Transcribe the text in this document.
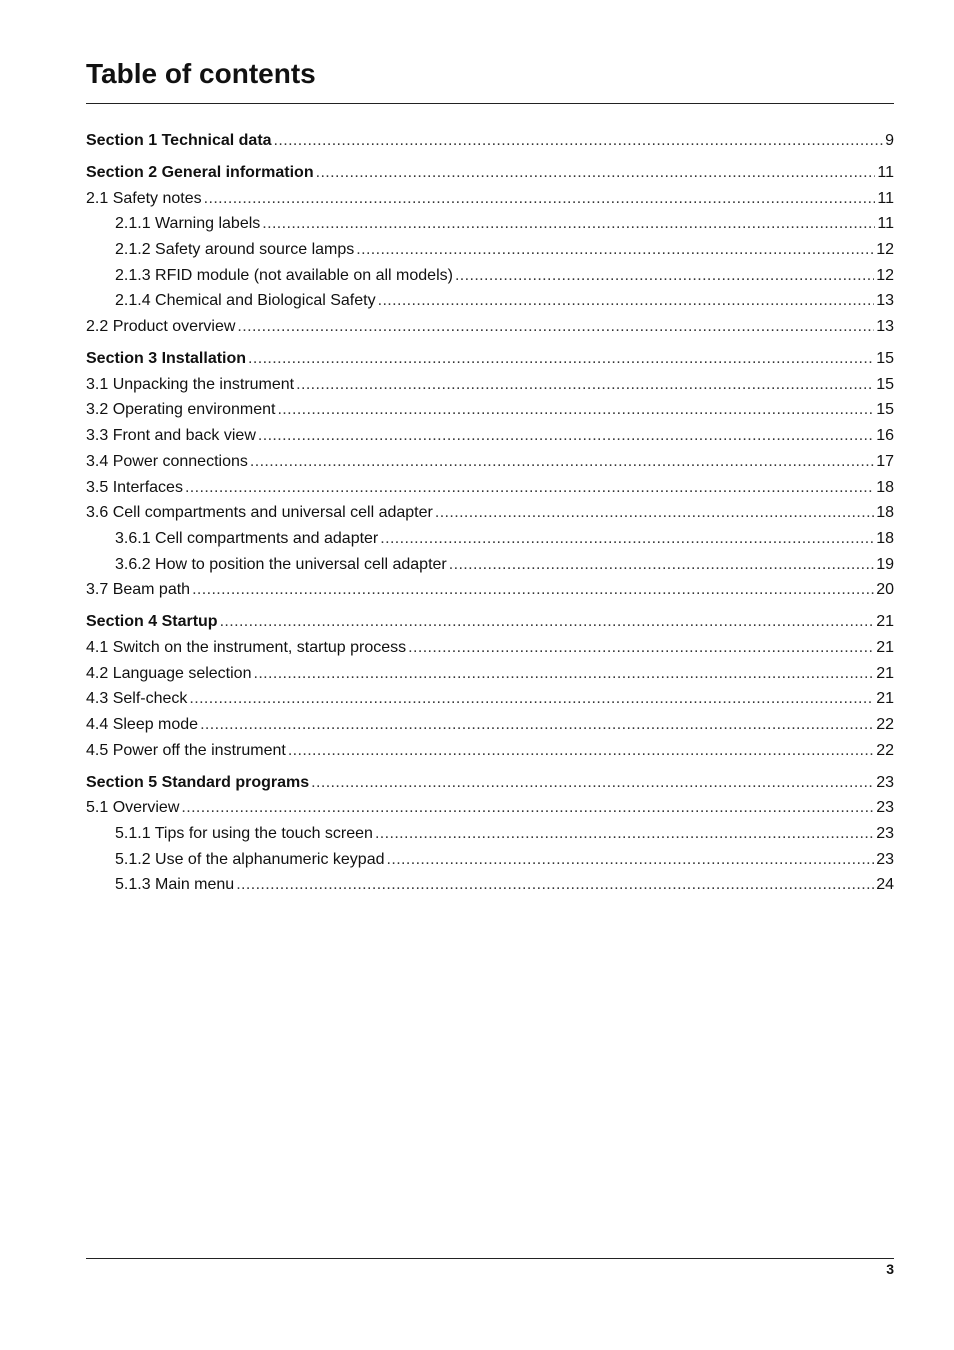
Table of contents
Section 1 Technical data .....	9
Section 2 General information .....	11
2.1 Safety notes .....	11
2.1.1 Warning labels .....	11
2.1.2 Safety around source lamps .....	12
2.1.3 RFID module (not available on all models) .....	12
2.1.4 Chemical and Biological Safety .....	13
2.2 Product overview .....	13
Section 3 Installation .....	15
3.1 Unpacking the instrument .....	15
3.2 Operating environment .....	15
3.3 Front and back view .....	16
3.4 Power connections .....	17
3.5 Interfaces .....	18
3.6 Cell compartments and universal cell adapter .....	18
3.6.1 Cell compartments and adapter .....	18
3.6.2 How to position the universal cell adapter .....	19
3.7 Beam path .....	20
Section 4 Startup .....	21
4.1 Switch on the instrument, startup process .....	21
4.2 Language selection .....	21
4.3 Self-check .....	21
4.4 Sleep mode .....	22
4.5 Power off the instrument .....	22
Section 5 Standard programs .....	23
5.1 Overview .....	23
5.1.1 Tips for using the touch screen .....	23
5.1.2 Use of the alphanumeric keypad .....	23
5.1.3 Main menu .....	24
3
